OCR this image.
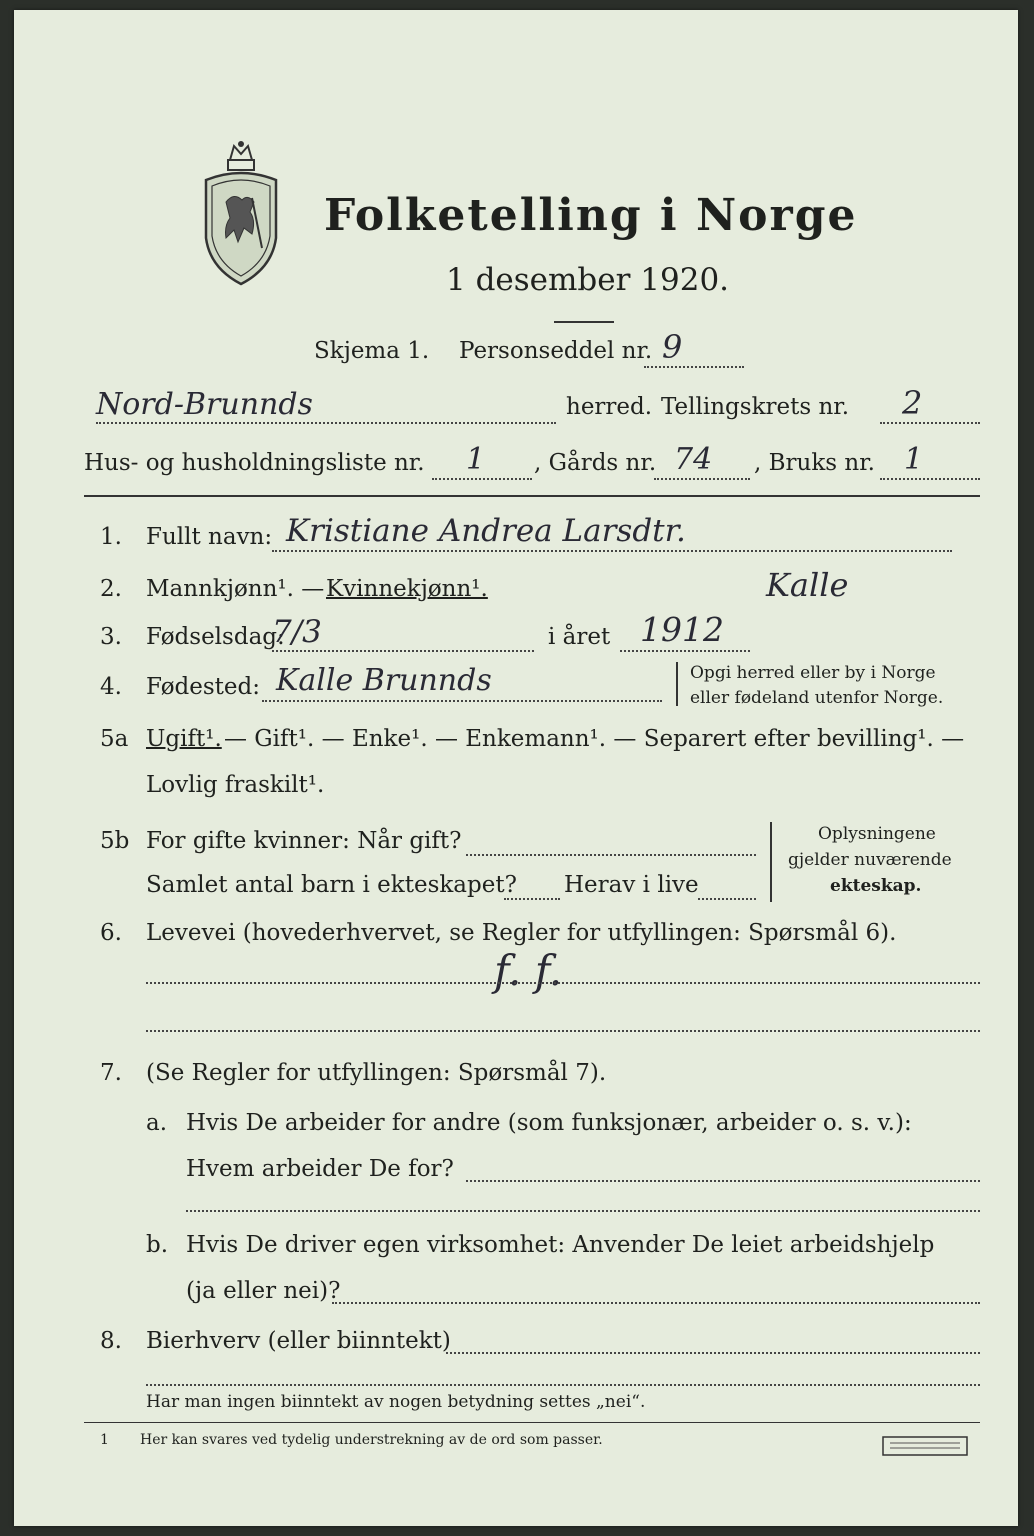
Folketelling i Norge
1 desember 1920.
Skjema 1. Personseddel nr. 9
Nord-Brunnds	herred. Tellingskrets nr. 2
Hus- og husholdningsliste nr. 1 , Gårds nr. 74 , Bruks nr. 1
1. Fullt navn: Kristiane Andrea Larsdtr.
2. Mannkjønn¹. — Kvinnekjønn¹.	Kalle
3. Fødselsdag:
7/3	i året 1912
4. Fødested: Kalle Brunnds	Opgi herred eller by i Norge
eller fødeland utenfor Norge.
5a Ugift¹. — Gift¹. — Enke¹. — Enkemann¹. — Separert efter bevilling¹. —
Lovlig fraskilt¹.
5b For gifte kvinner: Når gift?
Samlet antal barn i ekteskapet? Herav i live
Oplysningene
gjelder nuværende
ekteskap.
6. Levevei (hovederhvervet, se Regler for utfyllingen: Spørsmål 6).
f. f.
7. (Se Regler for utfyllingen: Spørsmål 7).
a. Hvis De arbeider for andre (som funksjonær, arbeider o. s. v.):
Hvem arbeider De for?
b. Hvis De driver egen virksomhet: Anvender De leiet arbeidshjelp
(ja eller nei)?
8. Bierhverv (eller biinntekt)
Har man ingen biinntekt av nogen betydning settes „nei“.
1 Her kan svares ved tydelig understrekning av de ord som passer.
